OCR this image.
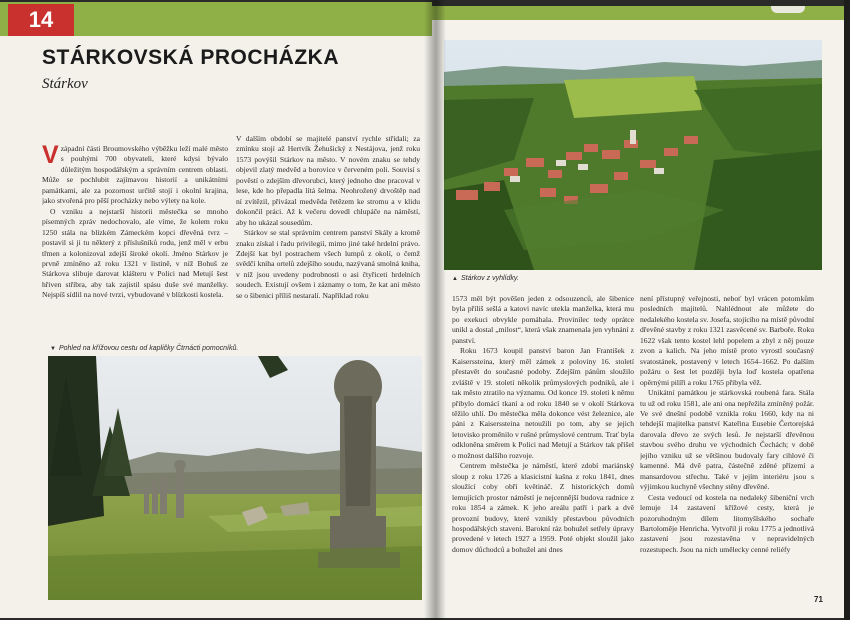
14
STÁRKOVSKÁ PROCHÁZKA
Stárkov

V západní části Broumovského výběžku leží malé město s pouhými 700 obyvateli, které kdysi bývalo důležitým hospodářským a správním centrem oblasti. Může se pochlubit zajímavou historií a unikátními památkami, ale za pozornost určitě stojí i okolní krajina, jako stvořená pro pěší procházky nebo výlety na kole.

O vzniku a nejstarší historii městečka se mnoho písemných zpráv nedochovalo, ale víme, že kolem roku 1250 stála na blízkém Zámeckém kopci dřevěná tvrz – postavil si ji tu některý z příslušníků rodu, jenž měl v erbu třmen a kolonizoval zdejší široké okolí. Jméno Stárkov je prvně zmíněno až roku 1321 v listině, v níž Bohuš ze Stárkova slibuje darovat klášteru v Polici nad Metují šest hřiven stříbra, aby tak zajistil spásu duše své manželky. Nejspíš sídlil na nové tvrzi, vybudované v blízkosti kostela.

V dalším období se majitelé panství rychle střídali; za zmínku stojí až Hertvík Žehušický z Nestájova, jenž roku 1573 povýšil Stárkov na město. V novém znaku se tehdy objevil zlatý medvěd a borovice v červeném poli. Souvisí s pověstí o zdejším dřevorubci, který jednoho dne pracoval v lese, kde ho přepadla lítá šelma. Neohrožený drvoštěp nad ní zvítězil, přivázal medvěda řetězem ke stromu a v klidu dokončil práci. Až k večeru dovedl chlupáče na náměstí, aby ho ukázal sousedům.

Stárkov se stal správním centrem panství Skály a kromě znaku získal i řadu privilegií, mimo jiné také hrdelní právo. Zdejší kat byl postrachem všech lumpů z okolí, o čemž svědčí kniha ortelů zdejšího soudu, nazývaná smolná kniha, v níž jsou uvedeny podrobnosti o asi čtyřiceti hrdelních soudech. Existují ovšem i záznamy o tom, že kat ani město se o šibenici příliš nestaralí. Například roku

▼ Pohled na křížovou cestu od kapličky Čtrnácti pomocníků.
▲ Stárkov z vyhlídky.

1573 měl být pověšen jeden z odsouzenců, ale šibenice byla příliš sešlá a katovi navíc utekla manželka, která mu po exekuci obvykle pomáhala. Provinilec tedy oprátce unikl a dostal „milost“, která však znamenala jen vyhnání z panství.

Roku 1673 koupil panství baron Jan František z Kaiserssteina, který měl zámek z poloviny 16. století přestavět do současné podoby. Zdejším pánům sloužilo zvláště v 19. století několik průmyslových podniků, ale i tak město ztratilo na významu. Od konce 19. století k němu přibylo domácí tkaní a od roku 1840 se v okolí Stárkova těžilo uhlí. Do městečka měla dokonce vést železnice, ale páni z Kaiserssteina netoužili po tom, aby se jejich letovisko proměnilo v rušné průmyslové centrum. Trať byla odkloněna směrem k Polici nad Metují a Stárkov tak přišel o možnost dalšího rozvoje.

Centrem městečka je náměstí, které zdobí mariánský sloup z roku 1726 a klasicistní kašna z roku 1841, dnes sloužící coby obří květináč. Z historických domů lemujících prostor náměstí je nejcennější budova radnice z roku 1854 a zámek. K jeho areálu patří i park a dvě provozní budovy, které vznikly přestavbou původních hospodářských staveni. Barokní ráz bohužel setřely úpravy provedené v letech 1927 a 1959. Poté objekt sloužil jako domov důchodců a bohužel ani dnes

není přístupný veřejnosti, neboť byl vrácen potomkům posledních majitelů. Nahlédnout ale můžete do nedalekého kostela sv. Josefa, stojícího na místě původní dřevěné stavby z roku 1321 zasvěcené sv. Barboře. Roku 1622 však tento kostel lehl popelem a zbyl z něj pouze zvon a kalich. Na jeho místě proto vyrostl současný svatostánek, postavený v letech 1654–1662. Po dalším požáru o šest let později byla loď kostela opatřena opěrnými pilíři a roku 1765 přibyla věž.

Unikátní památkou je stárkovská roubená fara. Stála tu už od roku 1581, ale ani ona nepřežila zmíněný požár. Ve své dnešní podobě vznikla roku 1660, kdy na ni tehdejší majitelka panství Kateřina Eusebie Čertorejská darovala dřevo ze svých lesů. Je nejstarší dřevěnou stavbou svého druhu ve východních Čechách; v době jejího vzniku už se většinou budovaly fary cihlové či kamenné. Má dvě patra, částečně zděné přízemí a mansardovou střechu. Také v jejím interiéru jsou s výjimkou kuchyně všechny stěny dřevěné.

Cesta vedoucí od kostela na nedaleký šibeniční vrch lemuje 14 zastavení křížové cesty, která je pozoruhodným dílem litomyšlského sochaře Bartoloměje Henricha. Vytvořil ji roku 1775 a jednotlivá zastavení jsou rozestavěna v nepravidelných rozestupech. Jsou na nich umělecky cenné reliéfy

71
